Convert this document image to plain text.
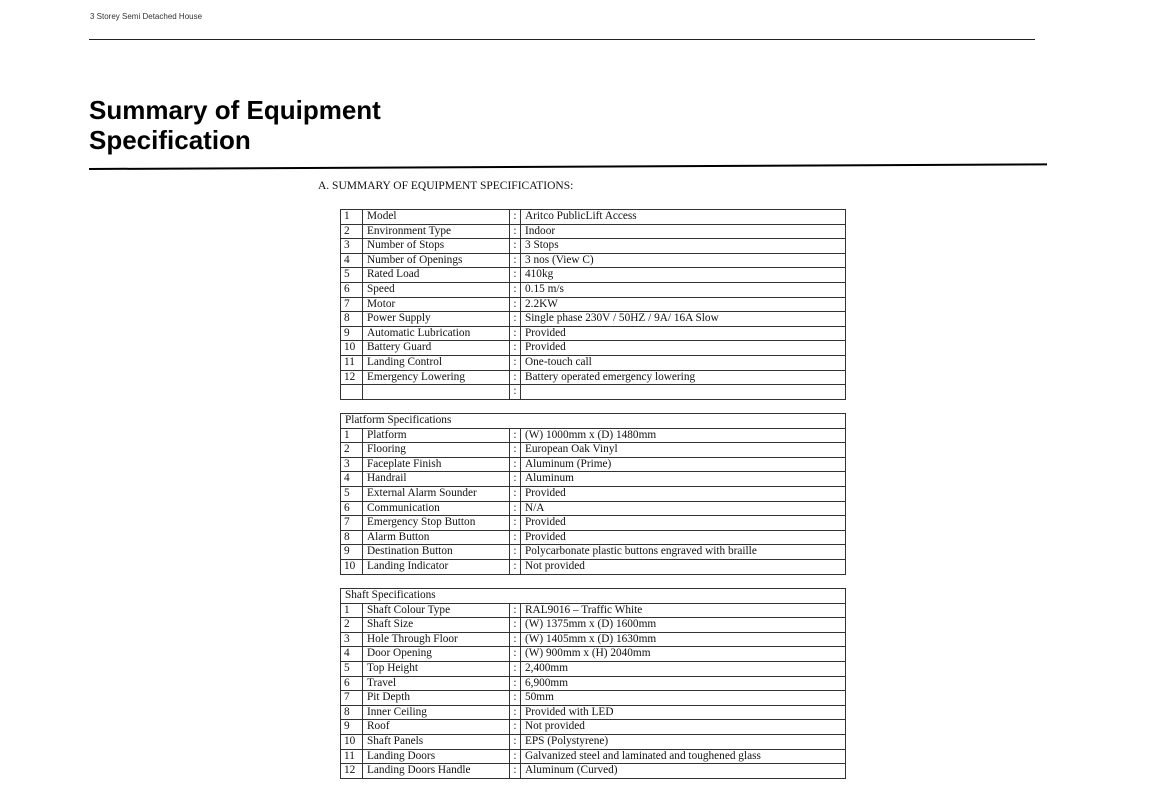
3 Storey Semi Detached House
Summary of Equipment
Specification
A. SUMMARY OF EQUIPMENT SPECIFICATIONS:
1	Model	:	Aritco PublicLift Access
2	Environment Type	:	Indoor
3	Number of Stops	:	3 Stops
4	Number of Openings	:	3 nos (View C)
5	Rated Load	:	410kg
6	Speed	:	0.15 m/s
7	Motor	:	2.2KW
8	Power Supply	:	Single phase 230V / 50HZ / 9A/ 16A Slow
9	Automatic Lubrication	:	Provided
10	Battery Guard	:	Provided
11	Landing Control	:	One-touch call
12	Emergency Lowering	:	Battery operated emergency lowering
		:	
Platform Specifications			
1	Platform	:	(W) 1000mm x (D) 1480mm
2	Flooring	:	European Oak Vinyl
3	Faceplate Finish	:	Aluminum (Prime)
4	Handrail	:	Aluminum
5	External Alarm Sounder	:	Provided
6	Communication	:	N/A
7	Emergency Stop Button	:	Provided
8	Alarm Button	:	Provided
9	Destination Button	:	Polycarbonate plastic buttons engraved with braille
10	Landing Indicator	:	Not provided
Shaft Specifications			
1	Shaft Colour Type	:	RAL9016 – Traffic White
2	Shaft Size	:	(W) 1375mm x (D) 1600mm
3	Hole Through Floor	:	(W) 1405mm x (D) 1630mm
4	Door Opening	:	(W) 900mm x (H) 2040mm
5	Top Height	:	2,400mm
6	Travel	:	6,900mm
7	Pit Depth	:	50mm
8	Inner Ceiling	:	Provided with LED
9	Roof	:	Not provided
10	Shaft Panels	:	EPS (Polystyrene)
11	Landing Doors	:	Galvanized steel and laminated and toughened glass
12	Landing Doors Handle	:	Aluminum (Curved)
